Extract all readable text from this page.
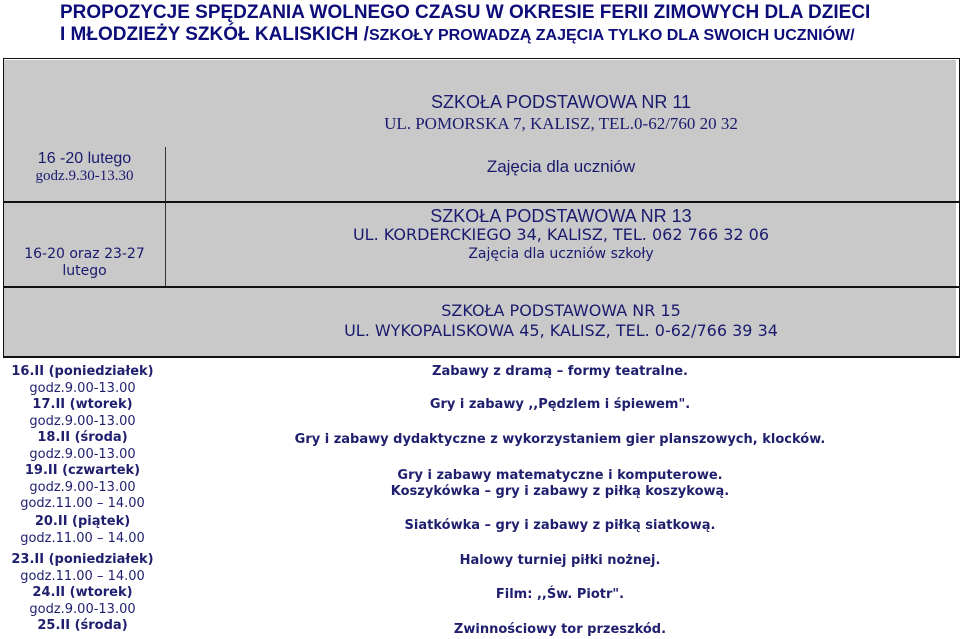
PROPOZYCJE SPĘDZANIA WOLNEGO CZASU W OKRESIE FERII ZIMOWYCH DLA DZIECI
I MŁODZIEŻY SZKÓŁ KALISKICH /SZKOŁY PROWADZĄ ZAJĘCIA TYLKO DLA SWOICH UCZNIÓW/
SZKOŁA PODSTAWOWA NR 11
UL. POMORSKA 7, KALISZ, TEL.0-62/760 20 32
16 -20 lutego
godz.9.30-13.30	Zajęcia dla uczniów
SZKOŁA PODSTAWOWA NR 13
UL. KORDERCKIEGO 34, KALISZ, TEL. 062 766 32 06
16-20 oraz 23-27
lutego
Zajęcia dla uczniów szkoły
SZKOŁA PODSTAWOWA NR 15
UL. WYKOPALISKOWA 45, KALISZ, TEL. 0-62/766 39 34
16.II (poniedziałek)
godz.9.00-13.00
17.II (wtorek)
godz.9.00-13.00
18.II (środa)
godz.9.00-13.00
19.II (czwartek)
godz.9.00-13.00
godz.11.00 – 14.00
20.II (piątek)
godz.11.00 – 14.00
23.II (poniedziałek)
godz.11.00 – 14.00
24.II (wtorek)
godz.9.00-13.00
25.II (środa)
Zabawy z dramą – formy teatralne.
Gry i zabawy ,,Pędzlem i śpiewem".
Gry i zabawy dydaktyczne z wykorzystaniem gier planszowych, klocków.
Gry i zabawy matematyczne i komputerowe.
Koszykówka – gry i zabawy z piłką koszykową.
Siatkówka – gry i zabawy z piłką siatkową.
Halowy turniej piłki nożnej.
Film: ,,Św. Piotr".
Zwinnościowy tor przeszkód.
